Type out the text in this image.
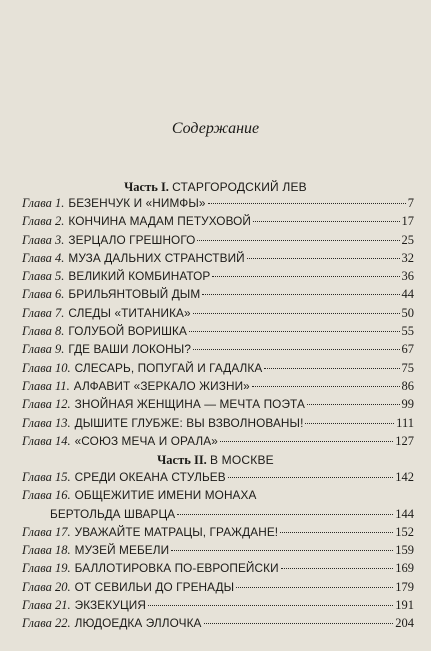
Содержание
Часть I. СТАРГОРОДСКИЙ ЛЕВ
Глава 1. БЕЗЕНЧУК И «НИМФЫ»	7
Глава 2. КОНЧИНА МАДАМ ПЕТУХОВОЙ	17
Глава 3. ЗЕРЦАЛО ГРЕШНОГО	25
Глава 4. МУЗА ДАЛЬНИХ СТРАНСТВИЙ	32
Глава 5. ВЕЛИКИЙ КОМБИНАТОР	36
Глава 6. БРИЛЬЯНТОВЫЙ ДЫМ	44
Глава 7. СЛЕДЫ «ТИТАНИКА»	50
Глава 8. ГОЛУБОЙ ВОРИШКА	55
Глава 9. ГДЕ ВАШИ ЛОКОНЫ?	67
Глава 10. СЛЕСАРЬ, ПОПУГАЙ И ГАДАЛКА	75
Глава 11. АЛФАВИТ «ЗЕРКАЛО ЖИЗНИ»	86
Глава 12. ЗНОЙНАЯ ЖЕНЩИНА — МЕЧТА ПОЭТА	99
Глава 13. ДЫШИТЕ ГЛУБЖЕ: ВЫ ВЗВОЛНОВАНЫ!	111
Глава 14. «СОЮЗ МЕЧА И ОРАЛА»	127
Часть II. В МОСКВЕ
Глава 15. СРЕДИ ОКЕАНА СТУЛЬЕВ	142
Глава 16. ОБЩЕЖИТИЕ ИМЕНИ МОНАХА
БЕРТОЛЬДА ШВАРЦА	144
Глава 17. УВАЖАЙТЕ МАТРАЦЫ, ГРАЖДАНЕ!	152
Глава 18. МУЗЕЙ МЕБЕЛИ	159
Глава 19. БАЛЛОТИРОВКА ПО-ЕВРОПЕЙСКИ	169
Глава 20. ОТ СЕВИЛЬИ ДО ГРЕНАДЫ	179
Глава 21. ЭКЗЕКУЦИЯ	191
Глава 22. ЛЮДОЕДКА ЭЛЛОЧКА	204
